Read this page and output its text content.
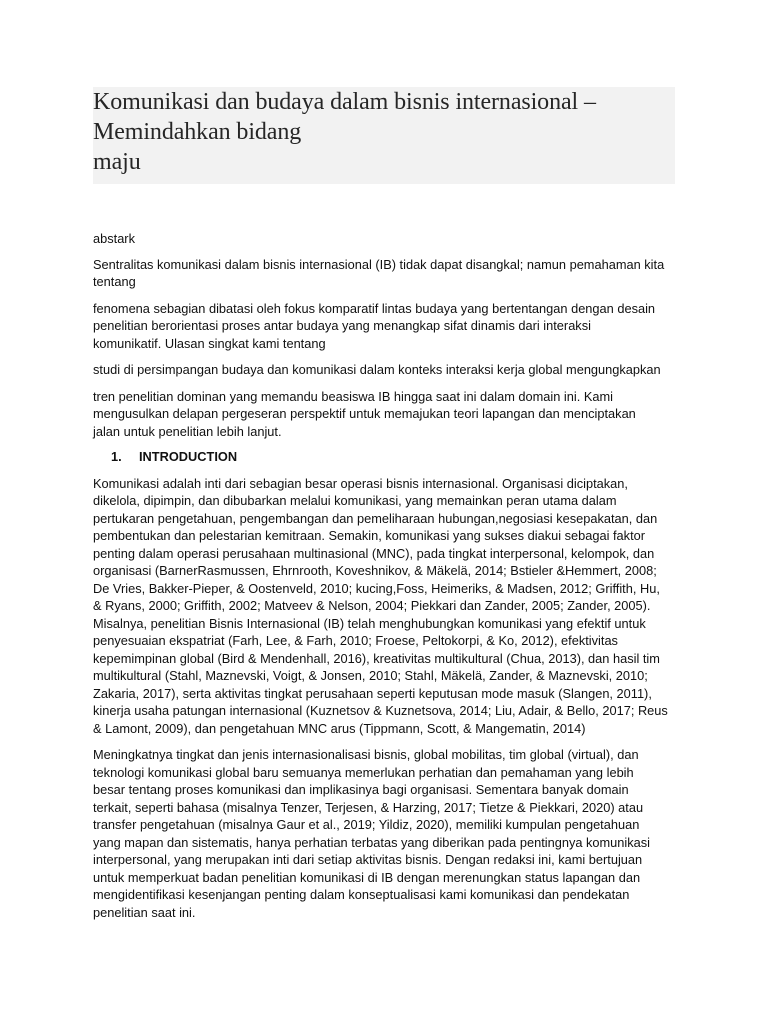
Komunikasi dan budaya dalam bisnis internasional –
Memindahkan bidang
maju

abstark

Sentralitas komunikasi dalam bisnis internasional (IB) tidak dapat disangkal; namun pemahaman kita
tentang

fenomena sebagian dibatasi oleh fokus komparatif lintas budaya yang bertentangan dengan desain
penelitian berorientasi proses antar budaya yang menangkap sifat dinamis dari interaksi
komunikatif. Ulasan singkat kami tentang

studi di persimpangan budaya dan komunikasi dalam konteks interaksi kerja global mengungkapkan

tren penelitian dominan yang memandu beasiswa IB hingga saat ini dalam domain ini. Kami
mengusulkan delapan pergeseran perspektif untuk memajukan teori lapangan dan menciptakan
jalan untuk penelitian lebih lanjut.

1.	INTRODUCTION

Komunikasi adalah inti dari sebagian besar operasi bisnis internasional. Organisasi diciptakan,
dikelola, dipimpin, dan dibubarkan melalui komunikasi, yang memainkan peran utama dalam
pertukaran pengetahuan, pengembangan dan pemeliharaan hubungan,negosiasi kesepakatan, dan
pembentukan dan pelestarian kemitraan. Semakin, komunikasi yang sukses diakui sebagai faktor
penting dalam operasi perusahaan multinasional (MNC), pada tingkat interpersonal, kelompok, dan
organisasi (BarnerRasmussen, Ehrnrooth, Koveshnikov, & Mäkelä, 2014; Bstieler &Hemmert, 2008;
De Vries, Bakker-Pieper, & Oostenveld, 2010; kucing,Foss, Heimeriks, & Madsen, 2012; Griffith, Hu,
& Ryans, 2000; Griffith, 2002; Matveev & Nelson, 2004; Piekkari dan Zander, 2005; Zander, 2005).
Misalnya, penelitian Bisnis Internasional (IB) telah menghubungkan komunikasi yang efektif untuk
penyesuaian ekspatriat (Farh, Lee, & Farh, 2010; Froese, Peltokorpi, & Ko, 2012), efektivitas
kepemimpinan global (Bird & Mendenhall, 2016), kreativitas multikultural (Chua, 2013), dan hasil tim
multikultural (Stahl, Maznevski, Voigt, & Jonsen, 2010; Stahl, Mäkelä, Zander, & Maznevski, 2010;
Zakaria, 2017), serta aktivitas tingkat perusahaan seperti keputusan mode masuk (Slangen, 2011),
kinerja usaha patungan internasional (Kuznetsov & Kuznetsova, 2014; Liu, Adair, & Bello, 2017; Reus
& Lamont, 2009), dan pengetahuan MNC arus (Tippmann, Scott, & Mangematin, 2014)

Meningkatnya tingkat dan jenis internasionalisasi bisnis, global mobilitas, tim global (virtual), dan
teknologi komunikasi global baru semuanya memerlukan perhatian dan pemahaman yang lebih
besar tentang proses komunikasi dan implikasinya bagi organisasi. Sementara banyak domain
terkait, seperti bahasa (misalnya Tenzer, Terjesen, & Harzing, 2017; Tietze & Piekkari, 2020) atau
transfer pengetahuan (misalnya Gaur et al., 2019; Yildiz, 2020), memiliki kumpulan pengetahuan
yang mapan dan sistematis, hanya perhatian terbatas yang diberikan pada pentingnya komunikasi
interpersonal, yang merupakan inti dari setiap aktivitas bisnis. Dengan redaksi ini, kami bertujuan
untuk memperkuat badan penelitian komunikasi di IB dengan merenungkan status lapangan dan
mengidentifikasi kesenjangan penting dalam konseptualisasi kami komunikasi dan pendekatan
penelitian saat ini.
